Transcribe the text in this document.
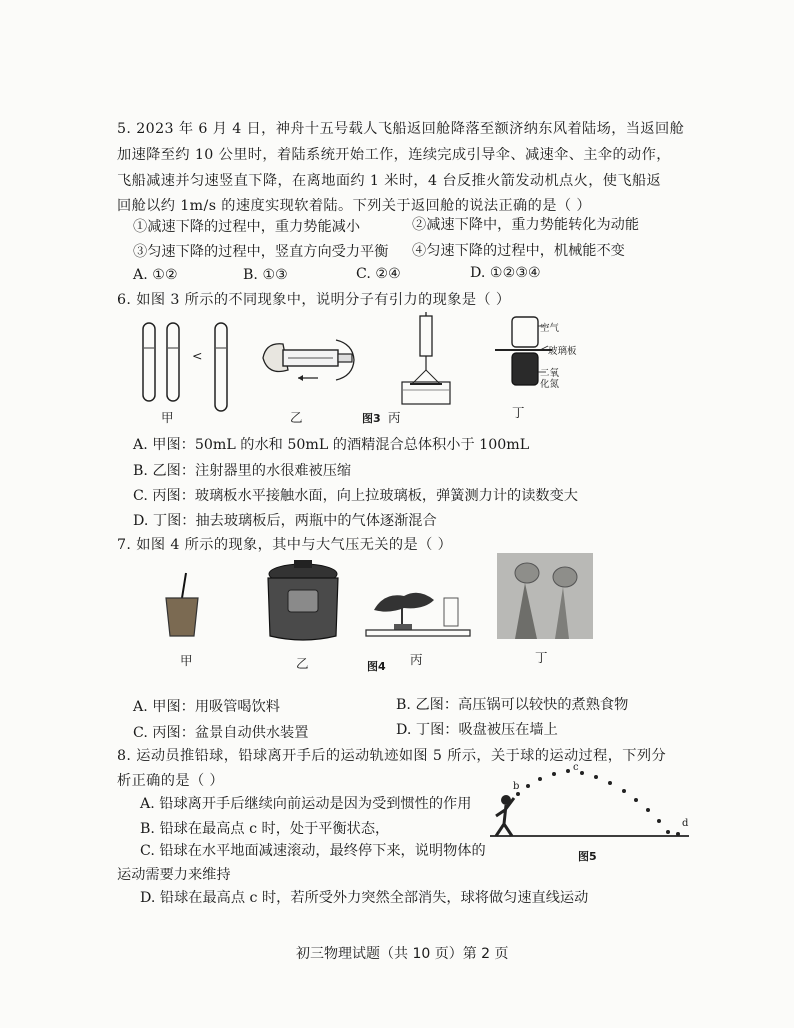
5. 2023 年 6 月 4 日，神舟十五号载人飞船返回舱降落至额济纳东风着陆场，当返回舱
加速降至约 10 公里时，着陆系统开始工作，连续完成引导伞、减速伞、主伞的动作，
飞船减速并匀速竖直下降，在离地面约 1 米时，4 台反推火箭发动机点火，使飞船返
回舱以约 1m/s 的速度实现软着陆。下列关于返回舱的说法正确的是（ ）
①减速下降的过程中，重力势能减小	②减速下降中，重力势能转化为动能
③匀速下降的过程中，竖直方向受力平衡 ④匀速下降的过程中，机械能不变
A. ①②	B. ①③	C. ②④	D. ①②③④
6. 如图 3 所示的不同现象中，说明分子有引力的现象是（ ）
<
空气
玻璃板
二氧
化氮
甲	乙	图3 丙	丁
A. 甲图：50mL 的水和 50mL 的酒精混合总体积小于 100mL
B. 乙图：注射器里的水很难被压缩
C. 丙图：玻璃板水平接触水面，向上拉玻璃板，弹簧测力计的读数变大
D. 丁图：抽去玻璃板后，两瓶中的气体逐渐混合
7. 如图 4 所示的现象，其中与大气压无关的是（ ）
甲	乙	图4 丙	丁
A. 甲图：用吸管喝饮料	B. 乙图：高压锅可以较快的煮熟食物
C. 丙图：盆景自动供水装置	D. 丁图：吸盘被压在墙上
8. 运动员推铅球，铅球离开手后的运动轨迹如图 5 所示，关于球的运动过程，下列分
析正确的是（ ）
A. 铅球离开手后继续向前运动是因为受到惯性的作用
B. 铅球在最高点 c 时，处于平衡状态，
C. 铅球在水平地面减速滚动，最终停下来，说明物体的
运动需要力来维持
D. 铅球在最高点 c 时，若所受外力突然全部消失，球将做匀速直线运动
b
c
d
图5
初三物理试题（共 10 页）第 2 页
